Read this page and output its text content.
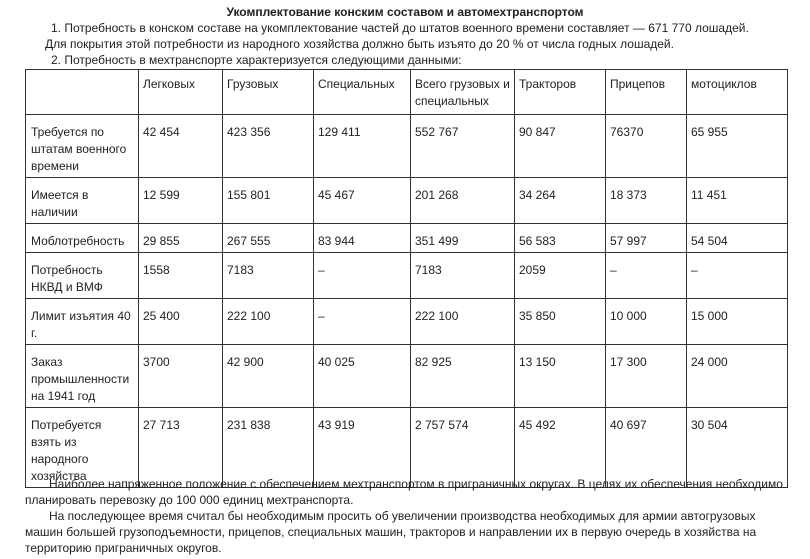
Укомплектование конским составом и автомехтранспортом

1. Потребность в конском составе на укомплектование частей до штатов военного времени составляет — 671 770 лошадей.

Для покрытия этой потребности из народного хозяйства должно быть изъято до 20 % от числа годных лошадей.

2. Потребность в мехтранспорте характеризуется следующими данными:

	Легковых	Грузовых	Специальных	Всего грузовых и специальных	Тракторов	Прицепов	мотоциклов
Требуется по штатам военного времени	42 454	423 356	129 411	552 767	90 847	76370	65 955
Имеется в наличии	12 599	155 801	45 467	201 268	34 264	18 373	11 451
Моблотребность	29 855	267 555	83 944	351 499	56 583	57 997	54 504
Потребность НКВД и ВМФ	1558	7183	–	7183	2059	–	–
Лимит изъятия 40 г.	25 400	222 100	–	222 100	35 850	10 000	15 000
Заказ промышленности на 1941 год	3700	42 900	40 025	82 925	13 150	17 300	24 000
Потребуется взять из народного хозяйства	27 713	231 838	43 919	2 757 574	45 492	40 697	30 504

Наиболее напряженное положение с обеспечением мехтранспортом в приграничных округах. В целях их обеспечения необходимо планировать перевозку до 100 000 единиц мехтранспорта.

На последующее время считал бы необходимым просить об увеличении производства необходимых для армии автогрузовых машин большей грузоподъемности, прицепов, специальных машин, тракторов и направлении их в первую очередь в хозяйства на территорию приграничных округов.
